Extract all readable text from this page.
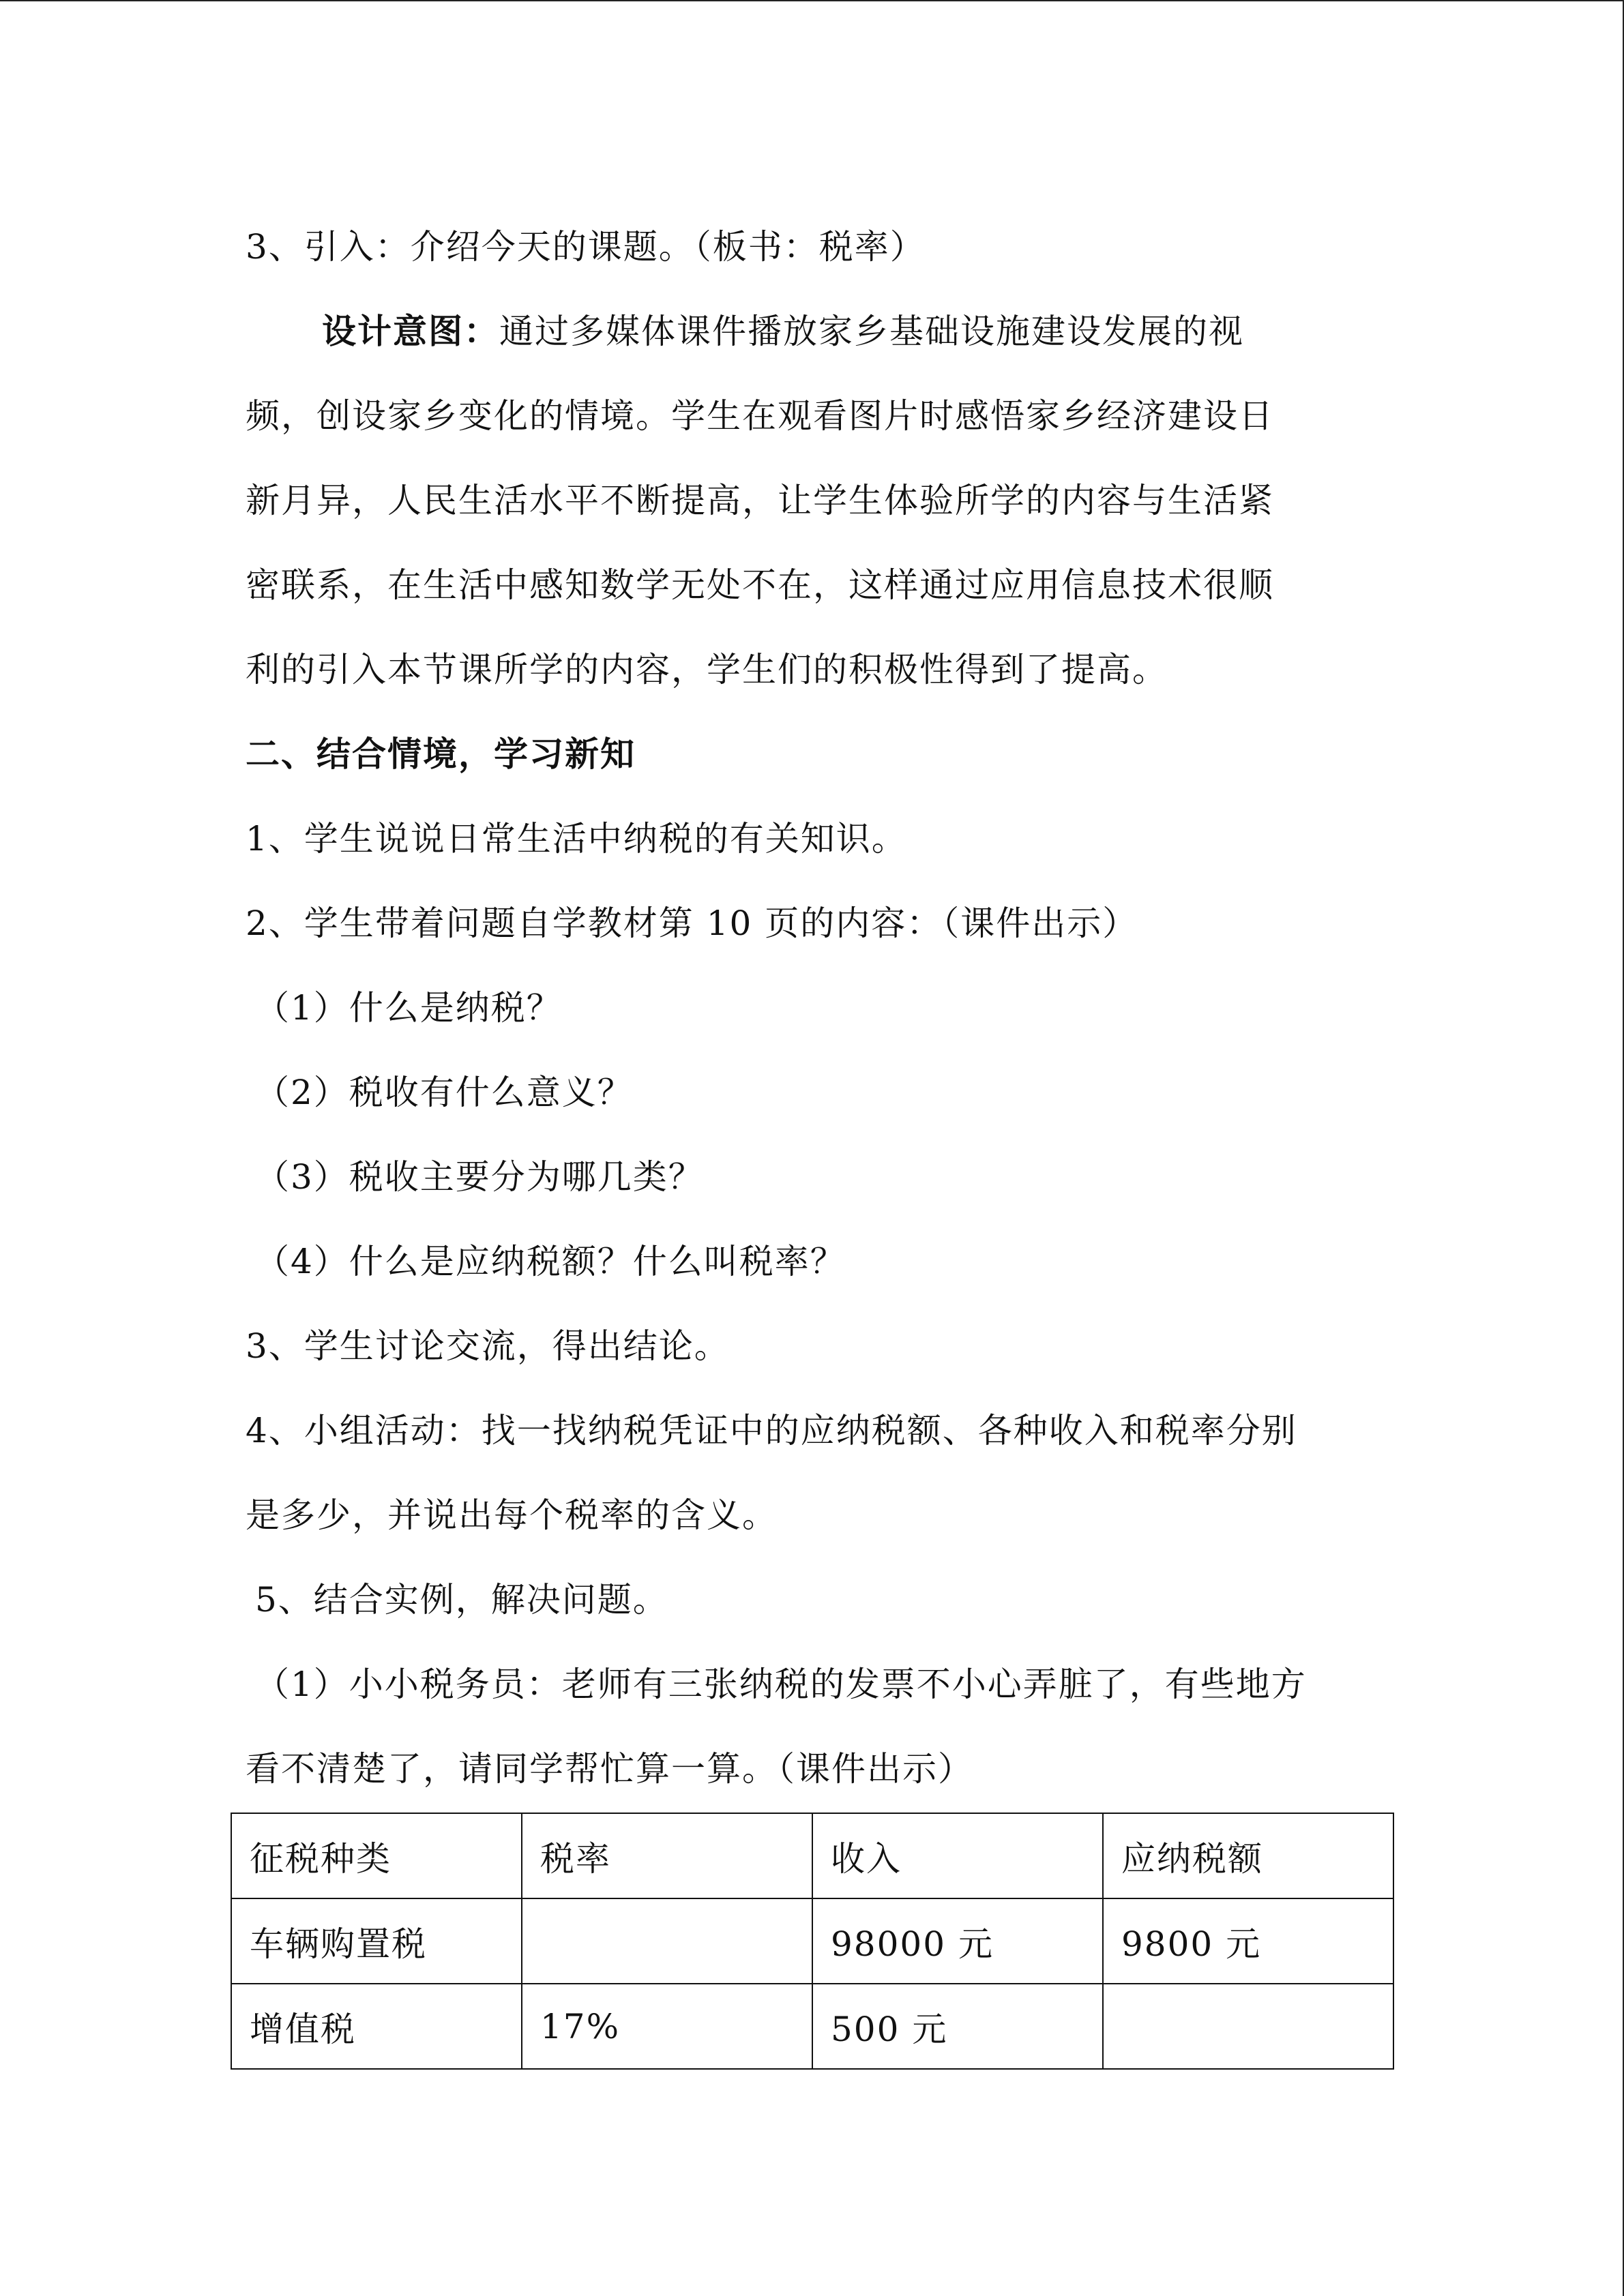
3、引入：介绍今天的课题。（板书：税率）
设计意图：通过多媒体课件播放家乡基础设施建设发展的视
频，创设家乡变化的情境。学生在观看图片时感悟家乡经济建设日
新月异，人民生活水平不断提高，让学生体验所学的内容与生活紧
密联系，在生活中感知数学无处不在，这样通过应用信息技术很顺
利的引入本节课所学的内容，学生们的积极性得到了提高。
二、结合情境，学习新知
1、学生说说日常生活中纳税的有关知识。
2、学生带着问题自学教材第 10 页的内容：（课件出示）
（1）什么是纳税？
（2）税收有什么意义？
（3）税收主要分为哪几类？
（4）什么是应纳税额？什么叫税率？
3、学生讨论交流，得出结论。
4、小组活动：找一找纳税凭证中的应纳税额、各种收入和税率分别
是多少，并说出每个税率的含义。
5、结合实例，解决问题。
（1）小小税务员：老师有三张纳税的发票不小心弄脏了，有些地方
看不清楚了，请同学帮忙算一算。（课件出示）
征税种类	税率	收入	应纳税额
车辆购置税		98000 元	9800 元
增值税	17%	500 元	
